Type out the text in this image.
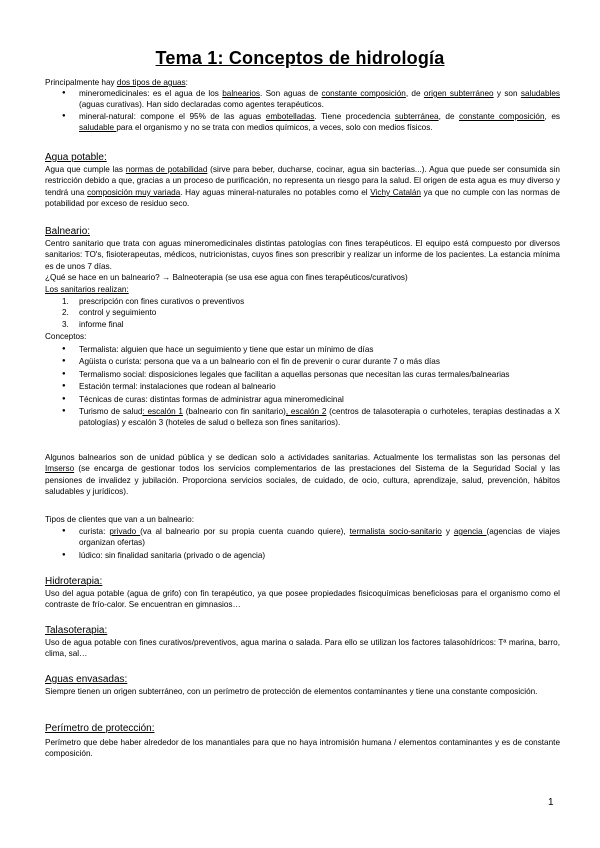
Tema 1: Conceptos de hidrología
Principalmente hay dos tipos de aguas:
● mineromedicinales: es el agua de los balnearios. Son aguas de constante composición, de origen subterráneo y son saludables (aguas curativas). Han sido declaradas como agentes terapéuticos.
● mineral-natural: compone el 95% de las aguas embotelladas. Tiene procedencia subterránea, de constante composición, es saludable para el organismo y no se trata con medios químicos, a veces, solo con medios físicos.
Agua potable:
Agua que cumple las normas de potabilidad (sirve para beber, ducharse, cocinar, agua sin bacterias...). Agua que puede ser consumida sin restricción debido a que, gracias a un proceso de purificación, no representa un riesgo para la salud. El origen de esta agua es muy diverso y tendrá una composición muy variada. Hay aguas mineral-naturales no potables como el Vichy Catalán ya que no cumple con las normas de potabilidad por exceso de residuo seco.
Balneario:
Centro sanitario que trata con aguas mineromedicinales distintas patologías con fines terapéuticos. El equipo está compuesto por diversos sanitarios: TO's, fisioterapeutas, médicos, nutricionistas, cuyos fines son prescribir y realizar un informe de los pacientes. La estancia mínima es de unos 7 días.
¿Qué se hace en un balneario? → Balneoterapia (se usa ese agua con fines terapéuticos/curativos)
Los sanitarios realizan:
1. prescripción con fines curativos o preventivos
2. control y seguimiento
3. informe final
Conceptos:
● Termalista: alguien que hace un seguimiento y tiene que estar un mínimo de días
● Agüista o curista: persona que va a un balneario con el fin de prevenir o curar durante 7 o más días
● Termalismo social: disposiciones legales que facilitan a aquellas personas que necesitan las curas termales/balnearias
● Estación termal: instalaciones que rodean al balneario
● Técnicas de curas: distintas formas de administrar agua mineromedicinal
● Turismo de salud: escalón 1 (balneario con fin sanitario), escalón 2 (centros de talasoterapia o curhoteles, terapias destinadas a X patologías) y escalón 3 (hoteles de salud o belleza son fines sanitarios).
Algunos balnearios son de unidad pública y se dedican solo a actividades sanitarias. Actualmente los termalistas son las personas del Imserso (se encarga de gestionar todos los servicios complementarios de las prestaciones del Sistema de la Seguridad Social y las pensiones de invalidez y jubilación. Proporciona servicios sociales, de cuidado, de ocio, cultura, aprendizaje, salud, prevención, hábitos saludables y jurídicos).
Tipos de clientes que van a un balneario:
● curista: privado (va al balneario por su propia cuenta cuando quiere), termalista socio-sanitario y agencia (agencias de viajes organizan ofertas)
● lúdico: sin finalidad sanitaria (privado o de agencia)
Hidroterapia:
Uso del agua potable (agua de grifo) con fin terapéutico, ya que posee propiedades fisicoquímicas beneficiosas para el organismo como el contraste de frío-calor. Se encuentran en gimnasios…
Talasoterapia:
Uso de agua potable con fines curativos/preventivos, agua marina o salada. Para ello se utilizan los factores talasohídricos: Tª marina, barro, clima, sal…
Aguas envasadas:
Siempre tienen un origen subterráneo, con un perímetro de protección de elementos contaminantes y tiene una constante composición.
Perímetro de protección:
Perímetro que debe haber alrededor de los manantiales para que no haya intromisión humana / elementos contaminantes y es de constante composición.
1
